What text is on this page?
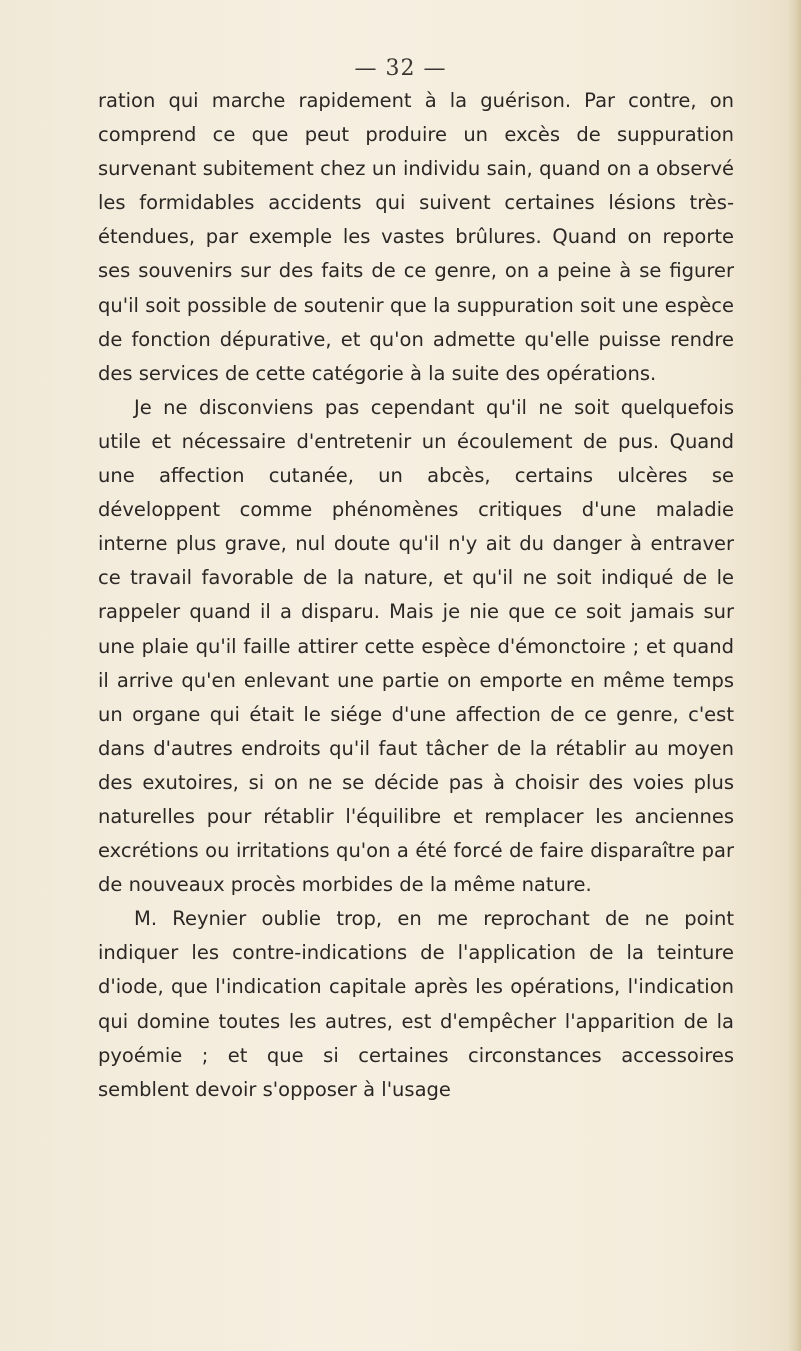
— 32 —

ration qui marche rapidement à la guérison. Par contre, on comprend ce que peut produire un excès de suppuration survenant subitement chez un individu sain, quand on a observé les formidables accidents qui suivent certaines lésions très-étendues, par exemple les vastes brûlures. Quand on reporte ses souvenirs sur des faits de ce genre, on a peine à se figurer qu'il soit possible de soutenir que la suppuration soit une espèce de fonction dépurative, et qu'on admette qu'elle puisse rendre des services de cette catégorie à la suite des opérations.

Je ne disconviens pas cependant qu'il ne soit quelquefois utile et nécessaire d'entretenir un écoulement de pus. Quand une affection cutanée, un abcès, certains ulcères se développent comme phénomènes critiques d'une maladie interne plus grave, nul doute qu'il n'y ait du danger à entraver ce travail favorable de la nature, et qu'il ne soit indiqué de le rappeler quand il a disparu. Mais je nie que ce soit jamais sur une plaie qu'il faille attirer cette espèce d'émonctoire ; et quand il arrive qu'en enlevant une partie on emporte en même temps un organe qui était le siége d'une affection de ce genre, c'est dans d'autres endroits qu'il faut tâcher de la rétablir au moyen des exutoires, si on ne se décide pas à choisir des voies plus naturelles pour rétablir l'équilibre et remplacer les anciennes excrétions ou irritations qu'on a été forcé de faire disparaître par de nouveaux procès morbides de la même nature.

M. Reynier oublie trop, en me reprochant de ne point indiquer les contre-indications de l'application de la teinture d'iode, que l'indication capitale après les opérations, l'indication qui domine toutes les autres, est d'empêcher l'apparition de la pyoémie ; et que si certaines circonstances accessoires semblent devoir s'opposer à l'usage
